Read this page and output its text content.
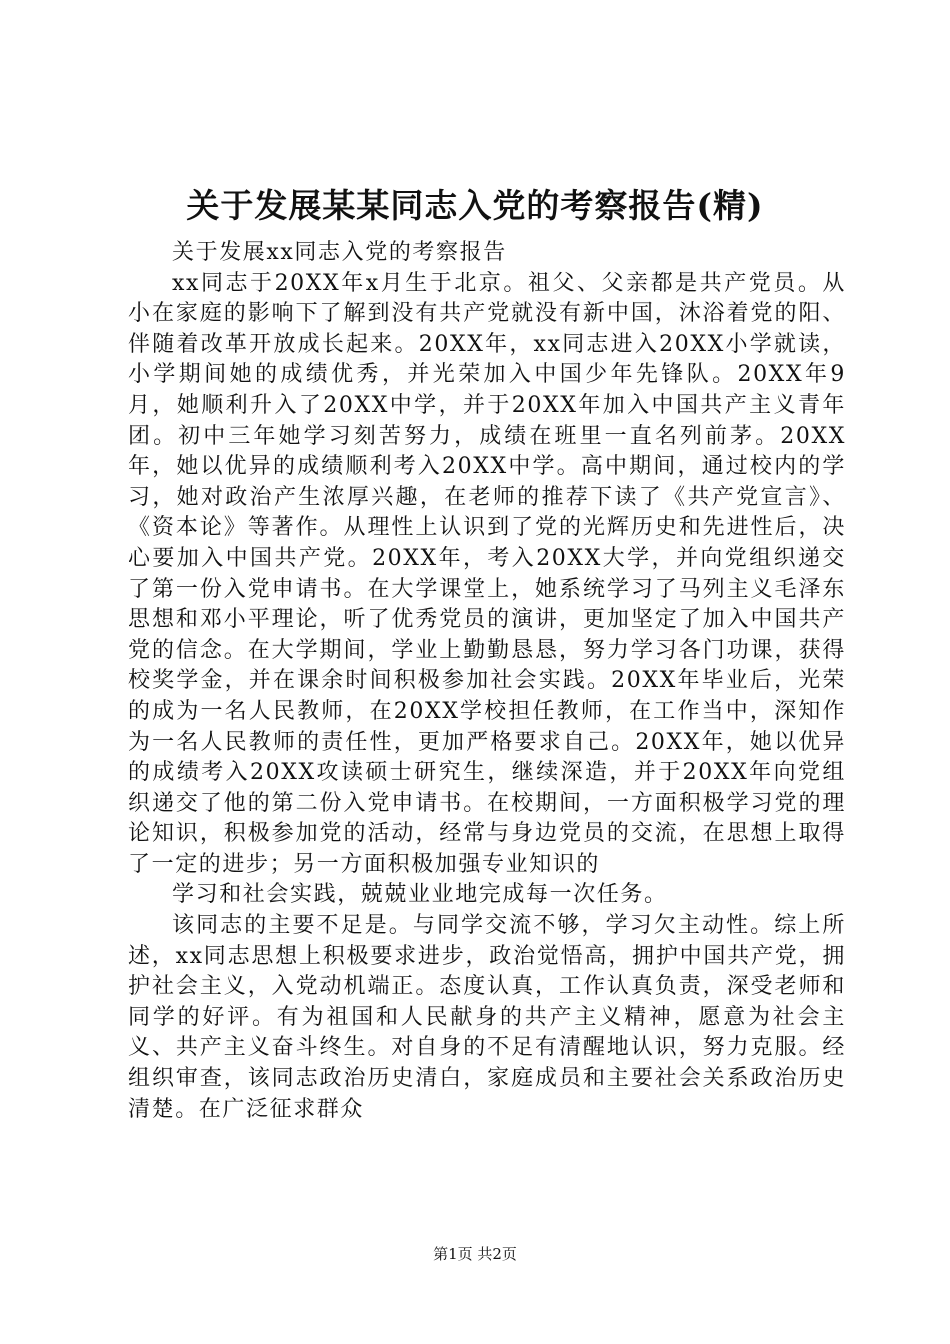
关于发展某某同志入党的考察报告(精)

关于发展xx同志入党的考察报告

xx同志于20XX年x月生于北京。祖父、父亲都是共产党员。从小在家庭的影响下了解到没有共产党就没有新中国，沐浴着党的阳、伴随着改革开放成长起来。20XX年，xx同志进入20XX小学就读，小学期间她的成绩优秀，并光荣加入中国少年先锋队。20XX年9月，她顺利升入了20XX中学，并于20XX年加入中国共产主义青年团。初中三年她学习刻苦努力，成绩在班里一直名列前茅。20XX年，她以优异的成绩顺利考入20XX中学。高中期间，通过校内的学习，她对政治产生浓厚兴趣，在老师的推荐下读了《共产党宣言》、《资本论》等著作。从理性上认识到了党的光辉历史和先进性后，决心要加入中国共产党。20XX年，考入20XX大学，并向党组织递交了第一份入党申请书。在大学课堂上，她系统学习了马列主义毛泽东思想和邓小平理论，听了优秀党员的演讲，更加坚定了加入中国共产党的信念。在大学期间，学业上勤勤恳恳，努力学习各门功课，获得校奖学金，并在课余时间积极参加社会实践。20XX年毕业后，光荣的成为一名人民教师，在20XX学校担任教师，在工作当中，深知作为一名人民教师的责任性，更加严格要求自己。20XX年，她以优异的成绩考入20XX攻读硕士研究生，继续深造，并于20XX年向党组织递交了他的第二份入党申请书。在校期间，一方面积极学习党的理论知识，积极参加党的活动，经常与身边党员的交流，在思想上取得了一定的进步；另一方面积极加强专业知识的

学习和社会实践，兢兢业业地完成每一次任务。

该同志的主要不足是。与同学交流不够，学习欠主动性。综上所述，xx同志思想上积极要求进步，政治觉悟高，拥护中国共产党，拥护社会主义，入党动机端正。态度认真，工作认真负责，深受老师和同学的好评。有为祖国和人民献身的共产主义精神，愿意为社会主义、共产主义奋斗终生。对自身的不足有清醒地认识，努力克服。经组织审查，该同志政治历史清白，家庭成员和主要社会关系政治历史清楚。在广泛征求群众

第1页 共2页
